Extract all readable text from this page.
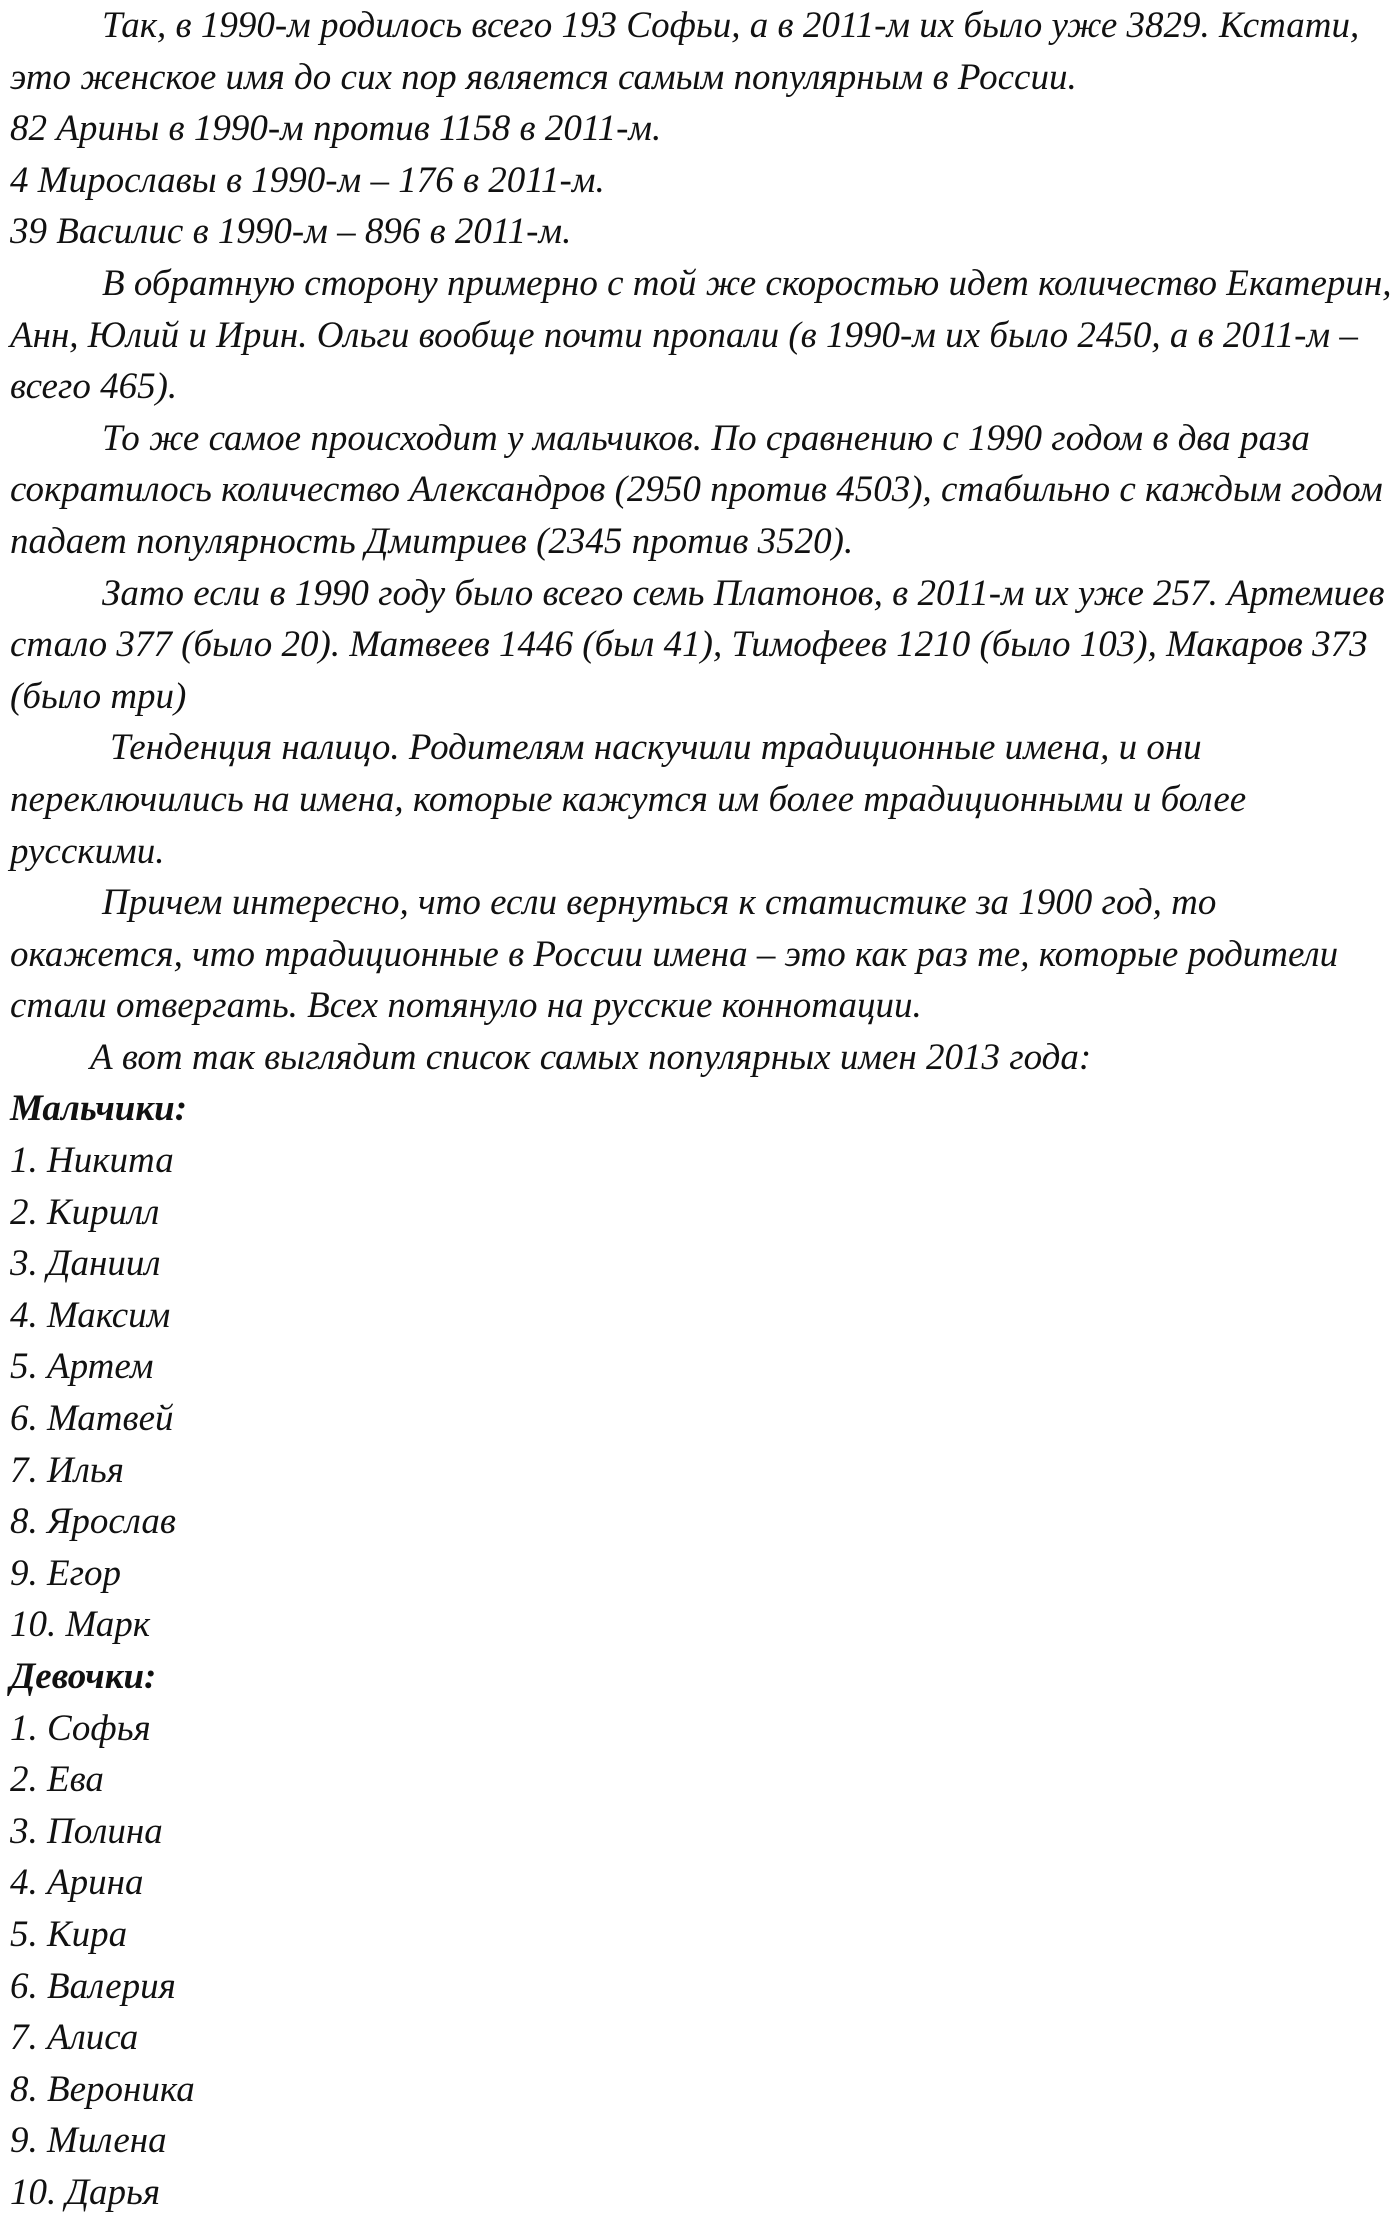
Так, в 1990-м родилось всего 193 Софьи, а в 2011-м их было уже 3829. Кстати, это женское имя до сих пор является самым популярным в России.

82 Арины в 1990-м против 1158 в 2011-м.

4 Мирославы в 1990-м – 176 в 2011-м.

39 Василис в 1990-м – 896 в 2011-м.

В обратную сторону примерно с той же скоростью идет количество Екатерин, Анн, Юлий и Ирин. Ольги вообще почти пропали (в 1990-м их было 2450, а в 2011-м – всего 465).

То же самое происходит у мальчиков. По сравнению с 1990 годом в два раза сократилось количество Александров (2950 против 4503), стабильно с каждым годом падает популярность Дмитриев (2345 против 3520).

Зато если в 1990 году было всего семь Платонов, в 2011-м их уже 257. Артемиев стало 377 (было 20). Матвеев 1446 (был 41), Тимофеев 1210 (было 103), Макаров 373 (было три)

Тенденция налицо. Родителям наскучили традиционные имена, и они переключились на имена, которые кажутся им более традиционными и более русскими.

Причем интересно, что если вернуться к статистике за 1900 год, то окажется, что традиционные в России имена – это как раз те, которые родители стали отвергать. Всех потянуло на русские коннотации.

А вот так выглядит список самых популярных имен 2013 года:

Мальчики:

1. Никита
2. Кирилл
3. Даниил
4. Максим
5. Артем
6. Матвей
7. Илья
8. Ярослав
9. Егор
10. Марк

Девочки:

1. Софья
2. Ева
3. Полина
4. Арина
5. Кира
6. Валерия
7. Алиса
8. Вероника
9. Милена
10. Дарья
